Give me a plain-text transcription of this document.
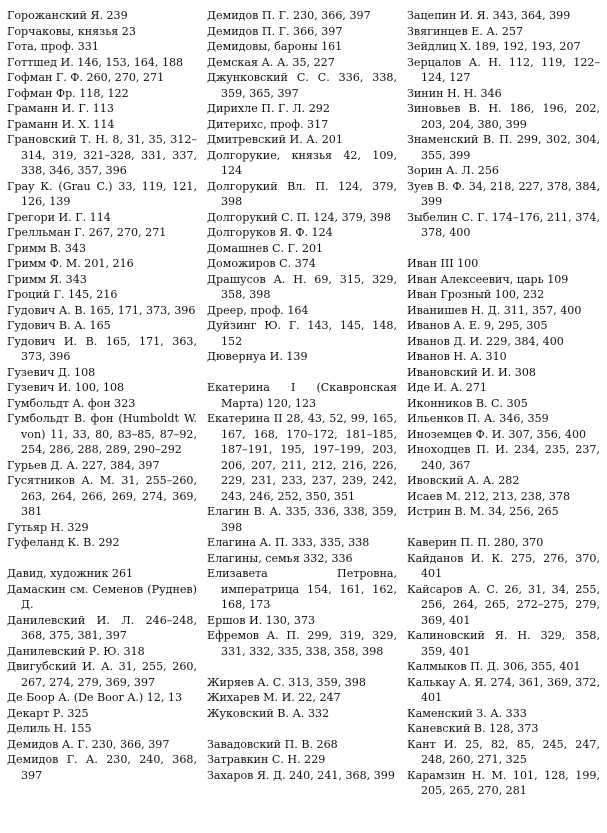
Горожанский Я. 239
Горчаковы, князья 23
Гота, проф. 331
Готтшед И. 146, 153, 164, 188
Гофман Г. Ф. 260, 270, 271
Гофман Фр. 118, 122
Граманн И. Г. 113
Граманн И. Х. 114
Грановский Т. Н. 8, 31, 35, 312–314, 319, 321–328, 331, 337, 338, 346, 357, 396
Грау К. (Grau C.) 33, 119, 121, 126, 139
Грегори И. Г. 114
Грелльман Г. 267, 270, 271
Гримм В. 343
Гримм Ф. М. 201, 216
Гримм Я. 343
Гроций Г. 145, 216
Гудович А. В. 165, 171, 373, 396
Гудович В. А. 165
Гудович И. В. 165, 171, 363, 373, 396
Гузевич Д. 108
Гузевич И. 100, 108
Гумбольдт А. фон 323
Гумбольдт В. фон (Humboldt W. von) 11, 33, 80, 83–85, 87–92, 254, 286, 288, 289, 290–292
Гурьев Д. А. 227, 384, 397
Гусятников А. М. 31, 255–260, 263, 264, 266, 269, 274, 369, 381
Гутьяр Н. 329
Гуфеланд К. В. 292
Давид, художник 261
Дамаскин см. Семенов (Руднев) Д.
Данилевский И. Л. 246–248, 368, 375, 381, 397
Данилевский Р. Ю. 318
Двигубский И. А. 31, 255, 260, 267, 274, 279, 369, 397
Де Боор А. (De Boor A.) 12, 13
Декарт Р. 325
Делиль Н. 155
Демидов А. Г. 230, 366, 397
Демидов Г. А. 230, 240, 368, 397
Демидов П. Г. 230, 366, 397
Демидов П. Г. 366, 397
Демидовы, бароны 161
Демская А. А. 35, 227
Джунковский С. С. 336, 338, 359, 365, 397
Дирихле П. Г. Л. 292
Дитерихс, проф. 317
Дмитревский И. А. 201
Долгорукие, князья 42, 109, 124
Долгорукий Вл. П. 124, 379, 398
Долгорукий С. П. 124, 379, 398
Долгоруков Я. Ф. 124
Домашнев С. Г. 201
Доможиров С. 374
Драшусов А. Н. 69, 315, 329, 358, 398
Дреер, проф. 164
Дуйзинг Ю. Г. 143, 145, 148, 152
Дювернуа И. 139
Екатерина I (Скавронская Марта) 120, 123
Екатерина II 28, 43, 52, 99, 165, 167, 168, 170–172, 181–185, 187–191, 195, 197–199, 203, 206, 207, 211, 212, 216, 226, 229, 231, 233, 237, 239, 242, 243, 246, 252, 350, 351
Елагин В. А. 335, 336, 338, 359, 398
Елагина А. П. 333, 335, 338
Елагины, семья 332, 336
Елизавета Петровна, императрица 154, 161, 162, 168, 173
Ершов И. 130, 373
Ефремов А. П. 299, 319, 329, 331, 332, 335, 338, 358, 398
Жиряев А. С. 313, 359, 398
Жихарев М. И. 22, 247
Жуковский В. А. 332
Завадовский П. В. 268
Затравкин С. Н. 229
Захаров Я. Д. 240, 241, 368, 399
Зацепин И. Я. 343, 364, 399
Звягинцев Е. А. 257
Зейдлиц Х. 189, 192, 193, 207
Зерцалов А. Н. 112, 119, 122–124, 127
Зинин Н. Н. 346
Зиновьев В. Н. 186, 196, 202, 203, 204, 380, 399
Знаменский В. П. 299, 302, 304, 355, 399
Зорин А. Л. 256
Зуев В. Ф. 34, 218, 227, 378, 384, 399
Зыбелин С. Г. 174–176, 211, 374, 378, 400
Иван III 100
Иван Алексеевич, царь 109
Иван Грозный 100, 232
Иванишев Н. Д. 311, 357, 400
Иванов А. Е. 9, 295, 305
Иванов Д. И. 229, 384, 400
Иванов Н. А. 310
Ивановский И. И. 308
Иде И. А. 271
Иконников В. С. 305
Ильенков П. А. 346, 359
Иноземцев Ф. И. 307, 356, 400
Иноходцев П. И. 234, 235, 237, 240, 367
Ивовский А. А. 282
Исаев М. 212, 213, 238, 378
Истрин В. М. 34, 256, 265
Каверин П. П. 280, 370
Кайданов И. К. 275, 276, 370, 401
Кайсаров А. С. 26, 31, 34, 255, 256, 264, 265, 272–275, 279, 369, 401
Калиновский Я. Н. 329, 358, 359, 401
Калмыков П. Д. 306, 355, 401
Калькау А. Я. 274, 361, 369, 372, 401
Каменский З. А. 333
Каневский В. 128, 373
Кант И. 25, 82, 85, 245, 247, 248, 260, 271, 325
Карамзин Н. М. 101, 128, 199, 205, 265, 270, 281
